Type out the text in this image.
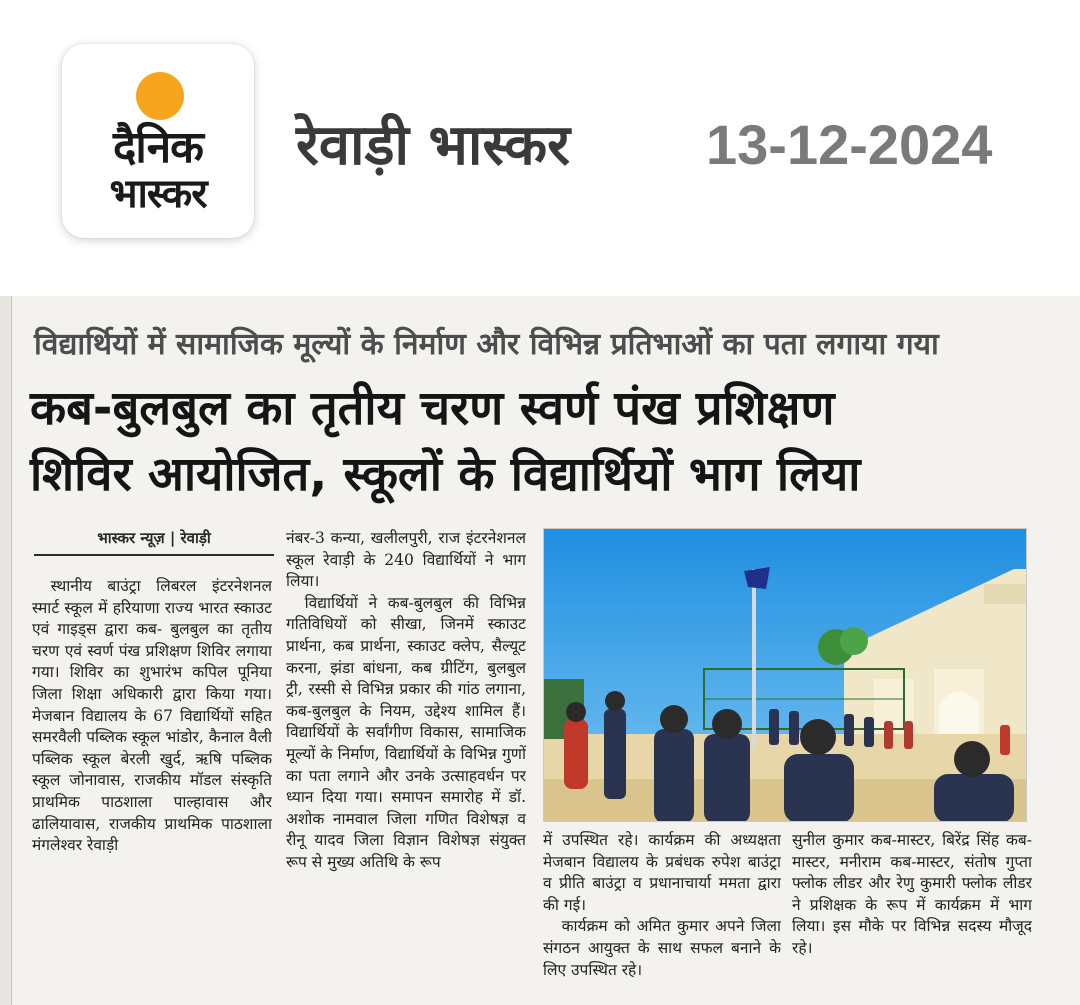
दैनिक
भास्कर
रेवाड़ी भास्कर 13-12-2024
विद्यार्थियों में सामाजिक मूल्यों के निर्माण और विभिन्न प्रतिभाओं का पता लगाया गया
कब-बुलबुल का तृतीय चरण स्वर्ण पंख प्रशिक्षण
शिविर आयोजित, स्कूलों के विद्यार्थियों भाग लिया
भास्कर न्यूज़ | रेवाड़ी

स्थानीय बाउंट्रा लिबरल इंटरनेशनल स्मार्ट स्कूल में हरियाणा राज्य भारत स्काउट एवं गाइड्स द्वारा कब- बुलबुल का तृतीय चरण एवं स्वर्ण पंख प्रशिक्षण शिविर लगाया गया। शिविर का शुभारंभ कपिल पूनिया जिला शिक्षा अधिकारी द्वारा किया गया। मेजबान विद्यालय के 67 विद्यार्थियों सहित समरवैली पब्लिक स्कूल भांडोर, कैनाल वैली पब्लिक स्कूल बेरली खुर्द, ऋषि पब्लिक स्कूल जोनावास, राजकीय मॉडल संस्कृति प्राथमिक पाठशाला पाल्हावास और ढालियावास, राजकीय प्राथमिक पाठशाला मंगलेश्वर रेवाड़ी

नंबर-3 कन्या, खलीलपुरी, राज इंटरनेशनल स्कूल रेवाड़ी के 240 विद्यार्थियों ने भाग लिया।

विद्यार्थियों ने कब-बुलबुल की विभिन्न गतिविधियों को सीखा, जिनमें स्काउट प्रार्थना, कब प्रार्थना, स्काउट क्लेप, सैल्यूट करना, झंडा बांधना, कब ग्रीटिंग, बुलबुल ट्री, रस्सी से विभिन्न प्रकार की गांठ लगाना, कब-बुलबुल के नियम, उद्देश्य शामिल हैं। विद्यार्थियों के सर्वांगीण विकास, सामाजिक मूल्यों के निर्माण, विद्यार्थियों के विभिन्न गुणों का पता लगाने और उनके उत्साहवर्धन पर ध्यान दिया गया। समापन समारोह में डॉ. अशोक नामवाल जिला गणित विशेषज्ञ व रीनू यादव जिला विज्ञान विशेषज्ञ संयुक्त रूप से मुख्य अतिथि के रूप

में उपस्थित रहे। कार्यक्रम की अध्यक्षता मेजबान विद्यालय के प्रबंधक रुपेश बाउंट्रा व प्रीति बाउंट्रा व प्रधानाचार्या ममता द्वारा की गई।

कार्यक्रम को अमित कुमार अपने जिला संगठन आयुक्त के साथ सफल बनाने के लिए उपस्थित रहे।

सुनील कुमार कब-मास्टर, बिरेंद्र सिंह कब-मास्टर, मनीराम कब-मास्टर, संतोष गुप्ता फ्लोक लीडर और रेणु कुमारी फ्लोक लीडर ने प्रशिक्षक के रूप में कार्यक्रम में भाग लिया। इस मौके पर विभिन्न सदस्य मौजूद रहे।
